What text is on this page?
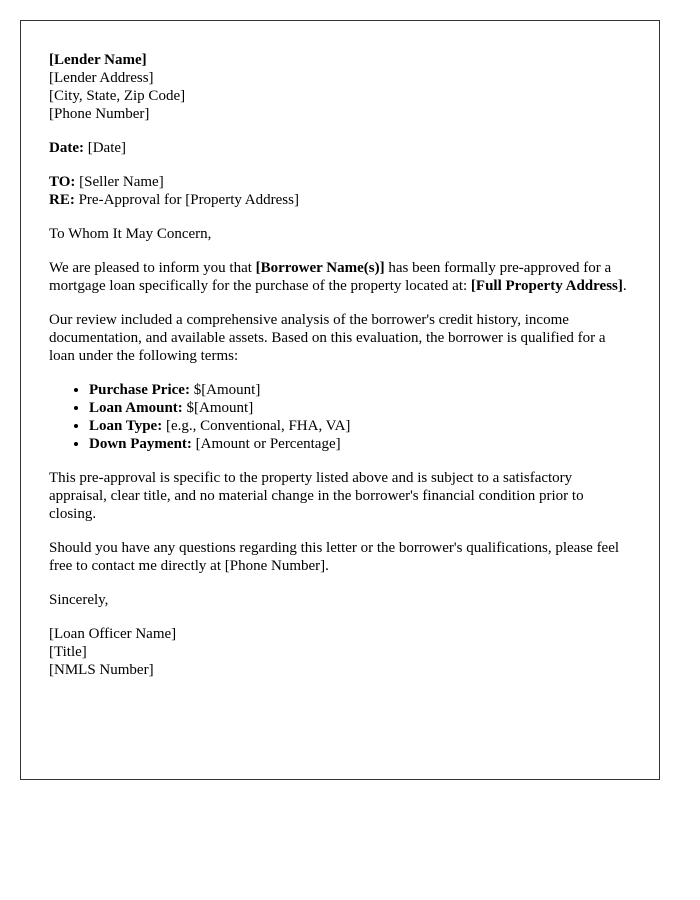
[Lender Name]
[Lender Address]
[City, State, Zip Code]
[Phone Number]

Date: [Date]

TO: [Seller Name]
RE: Pre-Approval for [Property Address]

To Whom It May Concern,

We are pleased to inform you that [Borrower Name(s)] has been formally pre-approved for a mortgage loan specifically for the purchase of the property located at: [Full Property Address].

Our review included a comprehensive analysis of the borrower's credit history, income documentation, and available assets. Based on this evaluation, the borrower is qualified for a loan under the following terms:

• Purchase Price: $[Amount]
• Loan Amount: $[Amount]
• Loan Type: [e.g., Conventional, FHA, VA]
• Down Payment: [Amount or Percentage]

This pre-approval is specific to the property listed above and is subject to a satisfactory appraisal, clear title, and no material change in the borrower's financial condition prior to closing.

Should you have any questions regarding this letter or the borrower's qualifications, please feel free to contact me directly at [Phone Number].

Sincerely,

[Loan Officer Name]
[Title]
[NMLS Number]
